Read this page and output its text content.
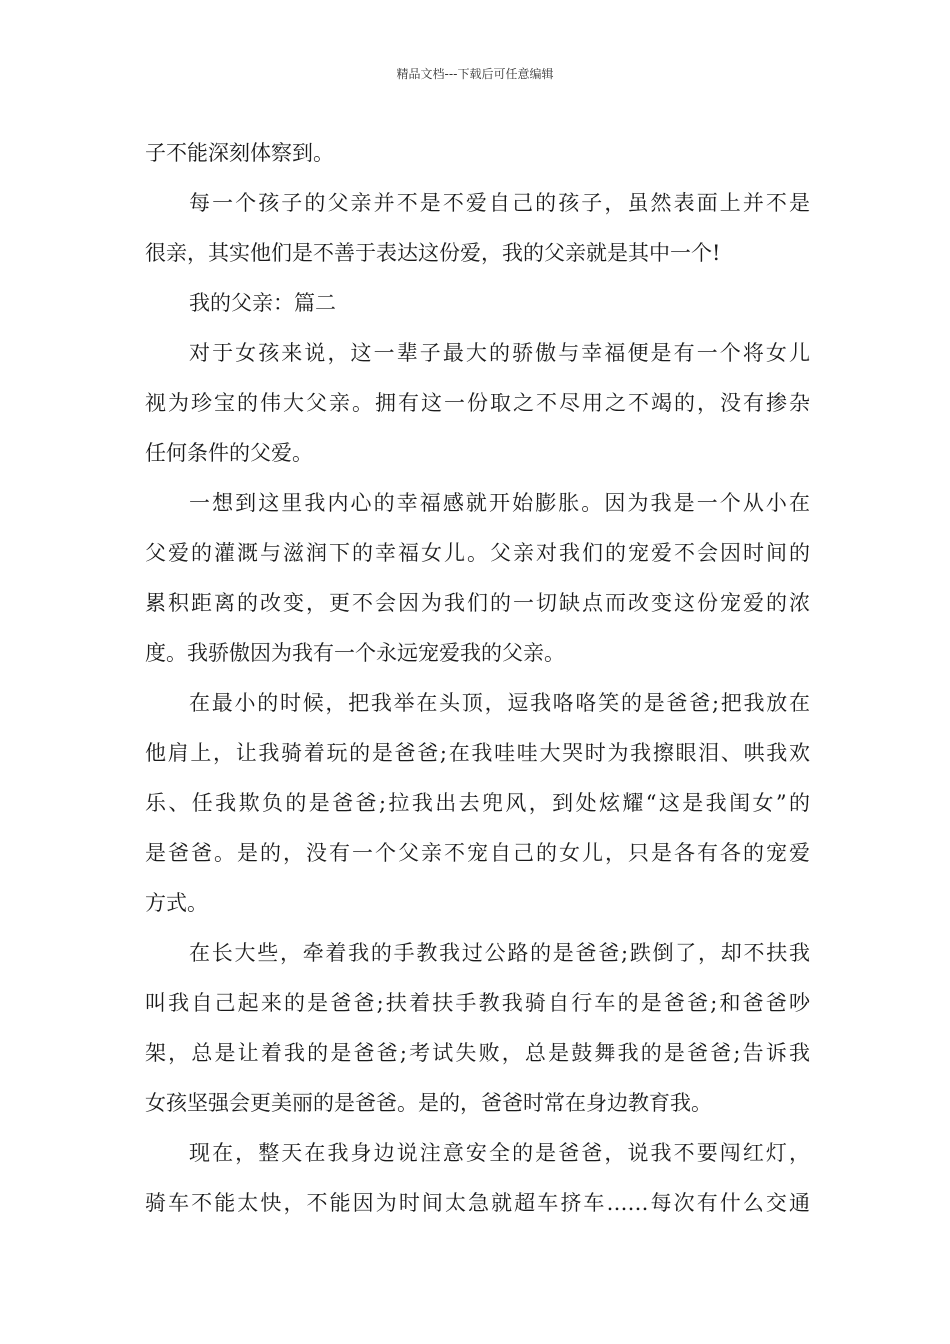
精品文档---下载后可任意编辑
子不能深刻体察到。
每一个孩子的父亲并不是不爱自己的孩子，虽然表面上并不是
很亲，其实他们是不善于表达这份爱，我的父亲就是其中一个!
我的父亲：篇二
对于女孩来说，这一辈子最大的骄傲与幸福便是有一个将女儿
视为珍宝的伟大父亲。拥有这一份取之不尽用之不竭的，没有掺杂
任何条件的父爱。
一想到这里我内心的幸福感就开始膨胀。因为我是一个从小在
父爱的灌溉与滋润下的幸福女儿。父亲对我们的宠爱不会因时间的
累积距离的改变，更不会因为我们的一切缺点而改变这份宠爱的浓
度。我骄傲因为我有一个永远宠爱我的父亲。
在最小的时候，把我举在头顶，逗我咯咯笑的是爸爸;把我放在
他肩上，让我骑着玩的是爸爸;在我哇哇大哭时为我擦眼泪、哄我欢
乐、任我欺负的是爸爸;拉我出去兜风，到处炫耀“这是我闺女”的
是爸爸。是的，没有一个父亲不宠自己的女儿，只是各有各的宠爱
方式。
在长大些，牵着我的手教我过公路的是爸爸;跌倒了，却不扶我
叫我自己起来的是爸爸;扶着扶手教我骑自行车的是爸爸;和爸爸吵
架，总是让着我的是爸爸;考试失败，总是鼓舞我的是爸爸;告诉我
女孩坚强会更美丽的是爸爸。是的，爸爸时常在身边教育我。
现在，整天在我身边说注意安全的是爸爸，说我不要闯红灯，
骑车不能太快，不能因为时间太急就超车挤车……每次有什么交通
